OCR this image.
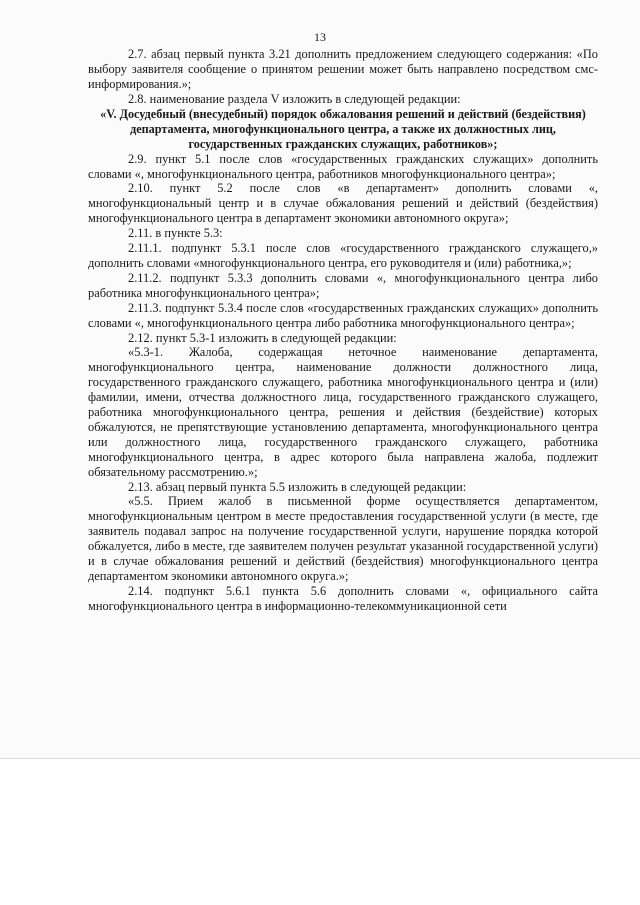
13

2.7. абзац первый пункта 3.21 дополнить предложением следующего содержания: «По выбору заявителя сообщение о принятом решении может быть направлено посредством смс-информирования.»;

2.8. наименование раздела V изложить в следующей редакции:

«V. Досудебный (внесудебный) порядок обжалования решений и действий (бездействия) департамента, многофункционального центра, а также их должностных лиц, государственных гражданских служащих, работников»;

2.9. пункт 5.1 после слов «государственных гражданских служащих» дополнить словами «, многофункционального центра, работников многофункционального центра»;

2.10. пункт 5.2 после слов «в департамент» дополнить словами «, многофункциональный центр и в случае обжалования решений и действий (бездействия) многофункционального центра в департамент экономики автономного округа»;

2.11. в пункте 5.3:

2.11.1. подпункт 5.3.1 после слов «государственного гражданского служащего,» дополнить словами «многофункционального центра, его руководителя и (или) работника,»;

2.11.2. подпункт 5.3.3 дополнить словами «, многофункционального центра либо работника многофункционального центра»;

2.11.3. подпункт 5.3.4 после слов «государственных гражданских служащих» дополнить словами «, многофункционального центра либо работника многофункционального центра»;

2.12. пункт 5.3-1 изложить в следующей редакции:

«5.3-1. Жалоба, содержащая неточное наименование департамента, многофункционального центра, наименование должности должностного лица, государственного гражданского служащего, работника многофункционального центра и (или) фамилии, имени, отчества должностного лица, государственного гражданского служащего, работника многофункционального центра, решения и действия (бездействие) которых обжалуются, не препятствующие установлению департамента, многофункционального центра или должностного лица, государственного гражданского служащего, работника многофункционального центра, в адрес которого была направлена жалоба, подлежит обязательному рассмотрению.»;

2.13. абзац первый пункта 5.5 изложить в следующей редакции:

«5.5. Прием жалоб в письменной форме осуществляется департаментом, многофункциональным центром в месте предоставления государственной услуги (в месте, где заявитель подавал запрос на получение государственной услуги, нарушение порядка которой обжалуется, либо в месте, где заявителем получен результат указанной государственной услуги) и в случае обжалования решений и действий (бездействия) многофункционального центра департаментом экономики автономного округа.»;

2.14. подпункт 5.6.1 пункта 5.6 дополнить словами «, официального сайта многофункционального центра в информационно-телекоммуникационной сети
